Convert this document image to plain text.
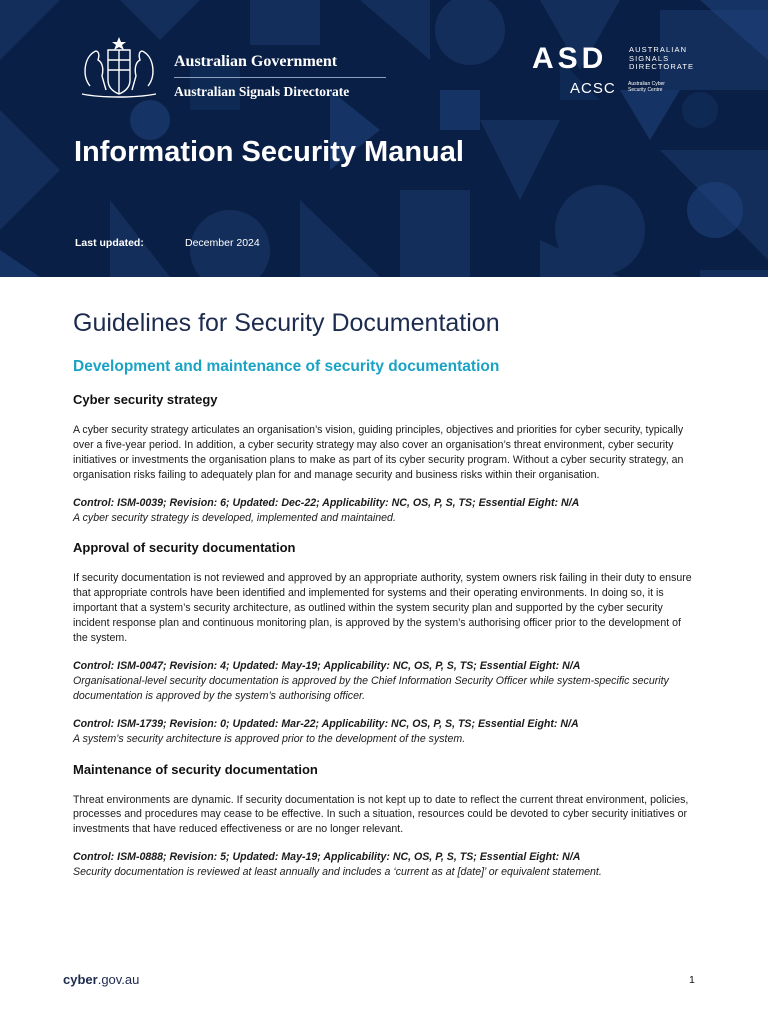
Australian Government
Australian Signals Directorate
ASD	AUSTRALIAN SIGNALS DIRECTORATE
ACSC Australian Cyber Security Centre
Information Security Manual
Last updated:	December 2024
Guidelines for Security Documentation
Development and maintenance of security documentation
Cyber security strategy

A cyber security strategy articulates an organisation’s vision, guiding principles, objectives and priorities for cyber security, typically over a five-year period. In addition, a cyber security strategy may also cover an organisation’s threat environment, cyber security initiatives or investments the organisation plans to make as part of its cyber security program. Without a cyber security strategy, an organisation risks failing to adequately plan for and manage security and business risks within their organisation.

Control: ISM-0039; Revision: 6; Updated: Dec-22; Applicability: NC, OS, P, S, TS; Essential Eight: N/A
A cyber security strategy is developed, implemented and maintained.
Approval of security documentation

If security documentation is not reviewed and approved by an appropriate authority, system owners risk failing in their duty to ensure that appropriate controls have been identified and implemented for systems and their operating environments. In doing so, it is important that a system’s security architecture, as outlined within the system security plan and supported by the cyber security incident response plan and continuous monitoring plan, is approved by the system’s authorising officer prior to the development of the system.

Control: ISM-0047; Revision: 4; Updated: May-19; Applicability: NC, OS, P, S, TS; Essential Eight: N/A
Organisational-level security documentation is approved by the Chief Information Security Officer while system-specific security documentation is approved by the system’s authorising officer.
Control: ISM-1739; Revision: 0; Updated: Mar-22; Applicability: NC, OS, P, S, TS; Essential Eight: N/A
A system’s security architecture is approved prior to the development of the system.
Maintenance of security documentation

Threat environments are dynamic. If security documentation is not kept up to date to reflect the current threat environment, policies, processes and procedures may cease to be effective. In such a situation, resources could be devoted to cyber security initiatives or investments that have reduced effectiveness or are no longer relevant.

Control: ISM-0888; Revision: 5; Updated: May-19; Applicability: NC, OS, P, S, TS; Essential Eight: N/A
Security documentation is reviewed at least annually and includes a ‘current as at [date]’ or equivalent statement.
cyber.gov.au	1
